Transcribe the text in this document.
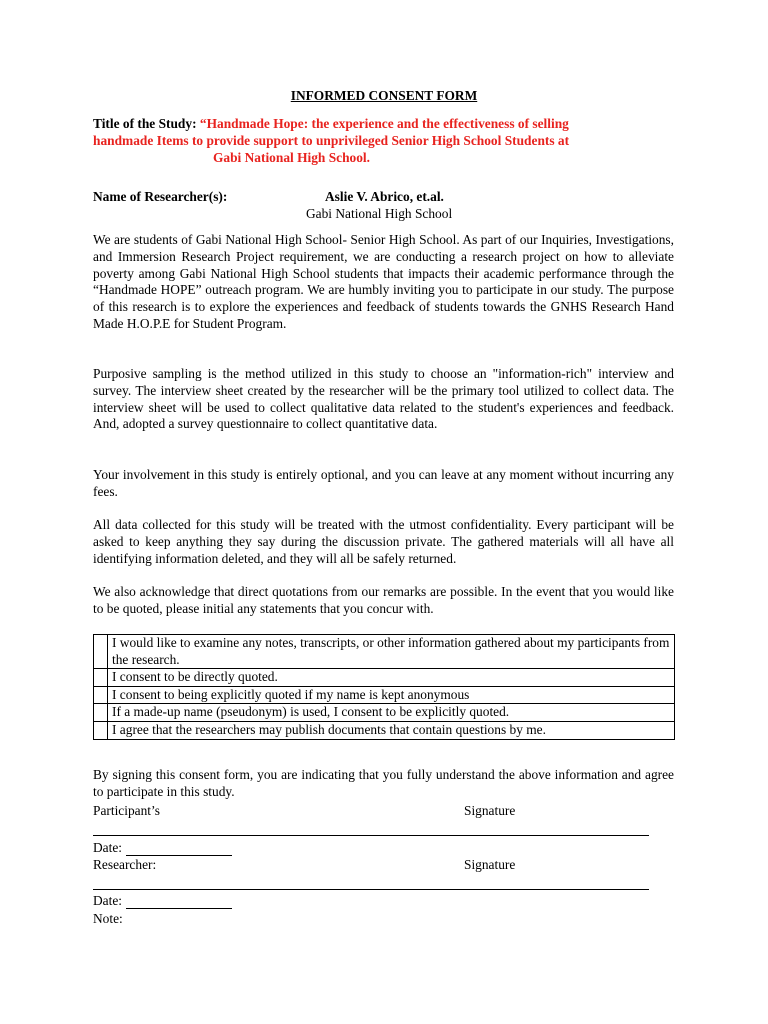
INFORMED CONSENT FORM
Title of the Study: “Handmade Hope: the experience and the effectiveness of selling
handmade Items to provide support to unprivileged Senior High School Students at
Gabi National High School.
Name of Researcher(s):	Aslie V. Abrico, et.al.
Gabi National High School
We are students of Gabi National High School- Senior High School. As part of our Inquiries, Investigations, and Immersion Research Project requirement, we are conducting a research project on how to alleviate poverty among Gabi National High School students that impacts their academic performance through the “Handmade HOPE” outreach program. We are humbly inviting you to participate in our study. The purpose of this research is to explore the experiences and feedback of students towards the GNHS Research Hand Made H.O.P.E for Student Program.
Purposive sampling is the method utilized in this study to choose an "information-rich" interview and survey. The interview sheet created by the researcher will be the primary tool utilized to collect data. The interview sheet will be used to collect qualitative data related to the student's experiences and feedback. And, adopted a survey questionnaire to collect quantitative data.
Your involvement in this study is entirely optional, and you can leave at any moment without incurring any fees.
All data collected for this study will be treated with the utmost confidentiality. Every participant will be asked to keep anything they say during the discussion private. The gathered materials will all have all identifying information deleted, and they will all be safely returned.
We also acknowledge that direct quotations from our remarks are possible. In the event that you would like to be quoted, please initial any statements that you concur with.
	I would like to examine any notes, transcripts, or other information gathered about my participants from the research.
	I consent to be directly quoted.
	I consent to being explicitly quoted if my name is kept anonymous
	If a made-up name (pseudonym) is used, I consent to be explicitly quoted.
	I agree that the researchers may publish documents that contain questions by me.
By signing this consent form, you are indicating that you fully understand the above information and agree to participate in this study.
Participant’s	Signature
Date:
Researcher:	Signature
Date:
Note:
